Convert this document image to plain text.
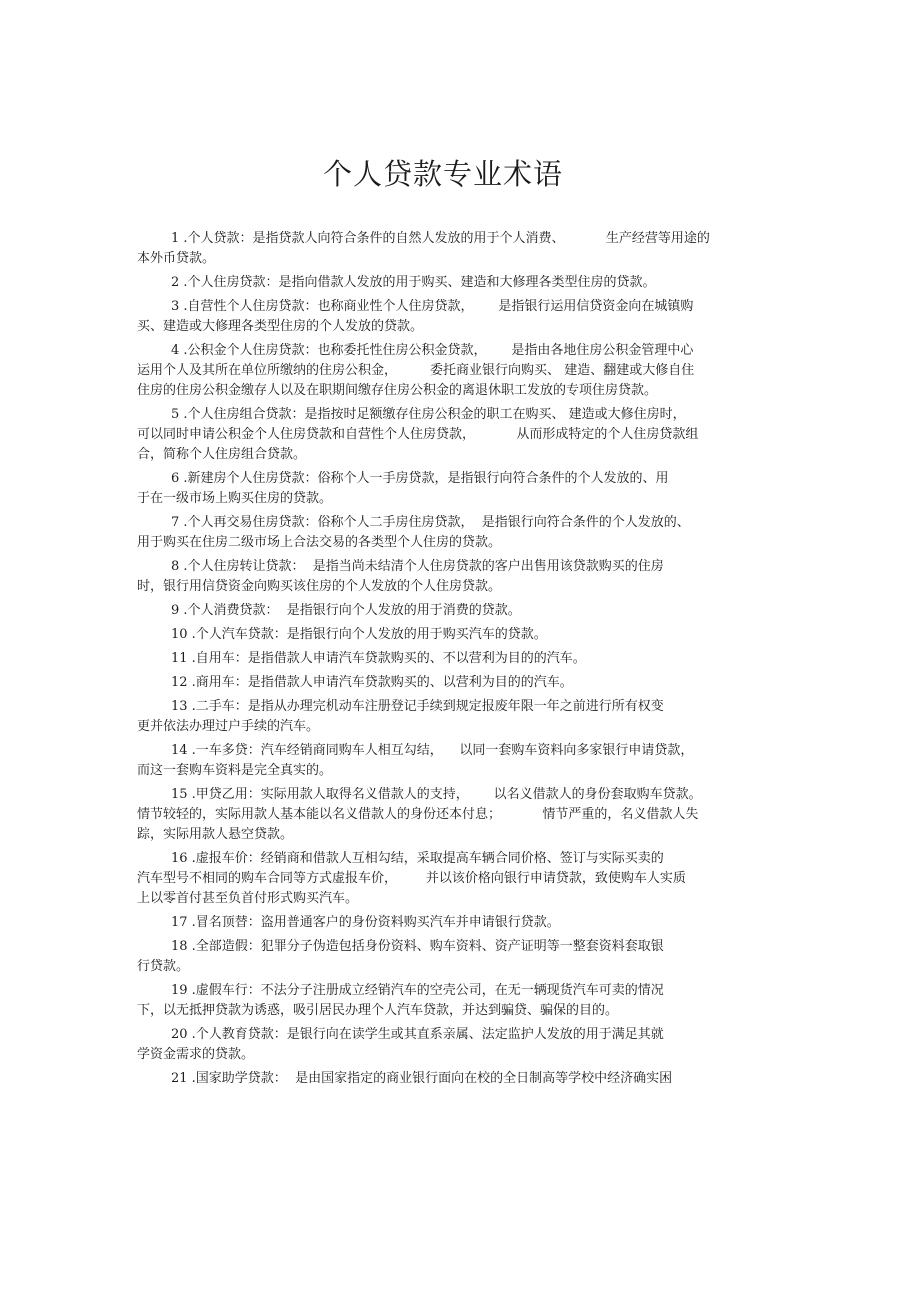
个人贷款专业术语
1 .个人贷款：是指贷款人向符合条件的自然人发放的用于个人消费、          生产经营等用途的
本外币贷款。
2 .个人住房贷款：是指向借款人发放的用于购买、建造和大修理各类型住房的贷款。
3 .自营性个人住房贷款：也称商业性个人住房贷款，      是指银行运用信贷资金向在城镇购
买、建造或大修理各类型住房的个人发放的贷款。
4 .公积金个人住房贷款：也称委托性住房公积金贷款，      是指由各地住房公积金管理中心
运用个人及其所在单位所缴纳的住房公积金，        委托商业银行向购买、 建造、翻建或大修自住
住房的住房公积金缴存人以及在职期间缴存住房公积金的离退休职工发放的专项住房贷款。
5 .个人住房组合贷款：是指按时足额缴存住房公积金的职工在购买、 建造或大修住房时，
可以同时申请公积金个人住房贷款和自营性个人住房贷款，          从而形成特定的个人住房贷款组
合，简称个人住房组合贷款。
6 .新建房个人住房贷款：俗称个人一手房贷款，是指银行向符合条件的个人发放的、用
于在一级市场上购买住房的贷款。
7 .个人再交易住房贷款：俗称个人二手房住房贷款，  是指银行向符合条件的个人发放的、
用于购买在住房二级市场上合法交易的各类型个人住房的贷款。
8 .个人住房转让贷款：  是指当尚未结清个人住房贷款的客户出售用该贷款购买的住房
时，银行用信贷资金向购买该住房的个人发放的个人住房贷款。
9 .个人消费贷款：  是指银行向个人发放的用于消费的贷款。
10 .个人汽车贷款：是指银行向个人发放的用于购买汽车的贷款。
11 .自用车：是指借款人申请汽车贷款购买的、不以营利为目的的汽车。
12 .商用车：是指借款人申请汽车贷款购买的、以营利为目的的汽车。
13 .二手车：是指从办理完机动车注册登记手续到规定报废年限一年之前进行所有权变
更并依法办理过户手续的汽车。
14 .一车多贷：汽车经销商同购车人相互勾结，    以同一套购车资料向多家银行申请贷款，
而这一套购车资料是完全真实的。
15 .甲贷乙用：实际用款人取得名义借款人的支持，      以名义借款人的身份套取购车贷款。
情节较轻的，实际用款人基本能以名义借款人的身份还本付息；          情节严重的，名义借款人失
踪，实际用款人悬空贷款。
16 .虚报车价：经销商和借款人互相勾结，采取提高车辆合同价格、签订与实际买卖的
汽车型号不相同的购车合同等方式虚报车价，       并以该价格向银行申请贷款，致使购车人实质
上以零首付甚至负首付形式购买汽车。
17 .冒名顶替：盗用普通客户的身份资料购买汽车并申请银行贷款。
18 .全部造假：犯罪分子伪造包括身份资料、购车资料、资产证明等一整套资料套取银
行贷款。
19 .虚假车行：不法分子注册成立经销汽车的空壳公司，在无一辆现货汽车可卖的情况
下，以无抵押贷款为诱惑，吸引居民办理个人汽车贷款，并达到骗贷、骗保的目的。
20 .个人教育贷款：是银行向在读学生或其直系亲属、法定监护人发放的用于满足其就
学资金需求的贷款。
21 .国家助学贷款：  是由国家指定的商业银行面向在校的全日制高等学校中经济确实困
